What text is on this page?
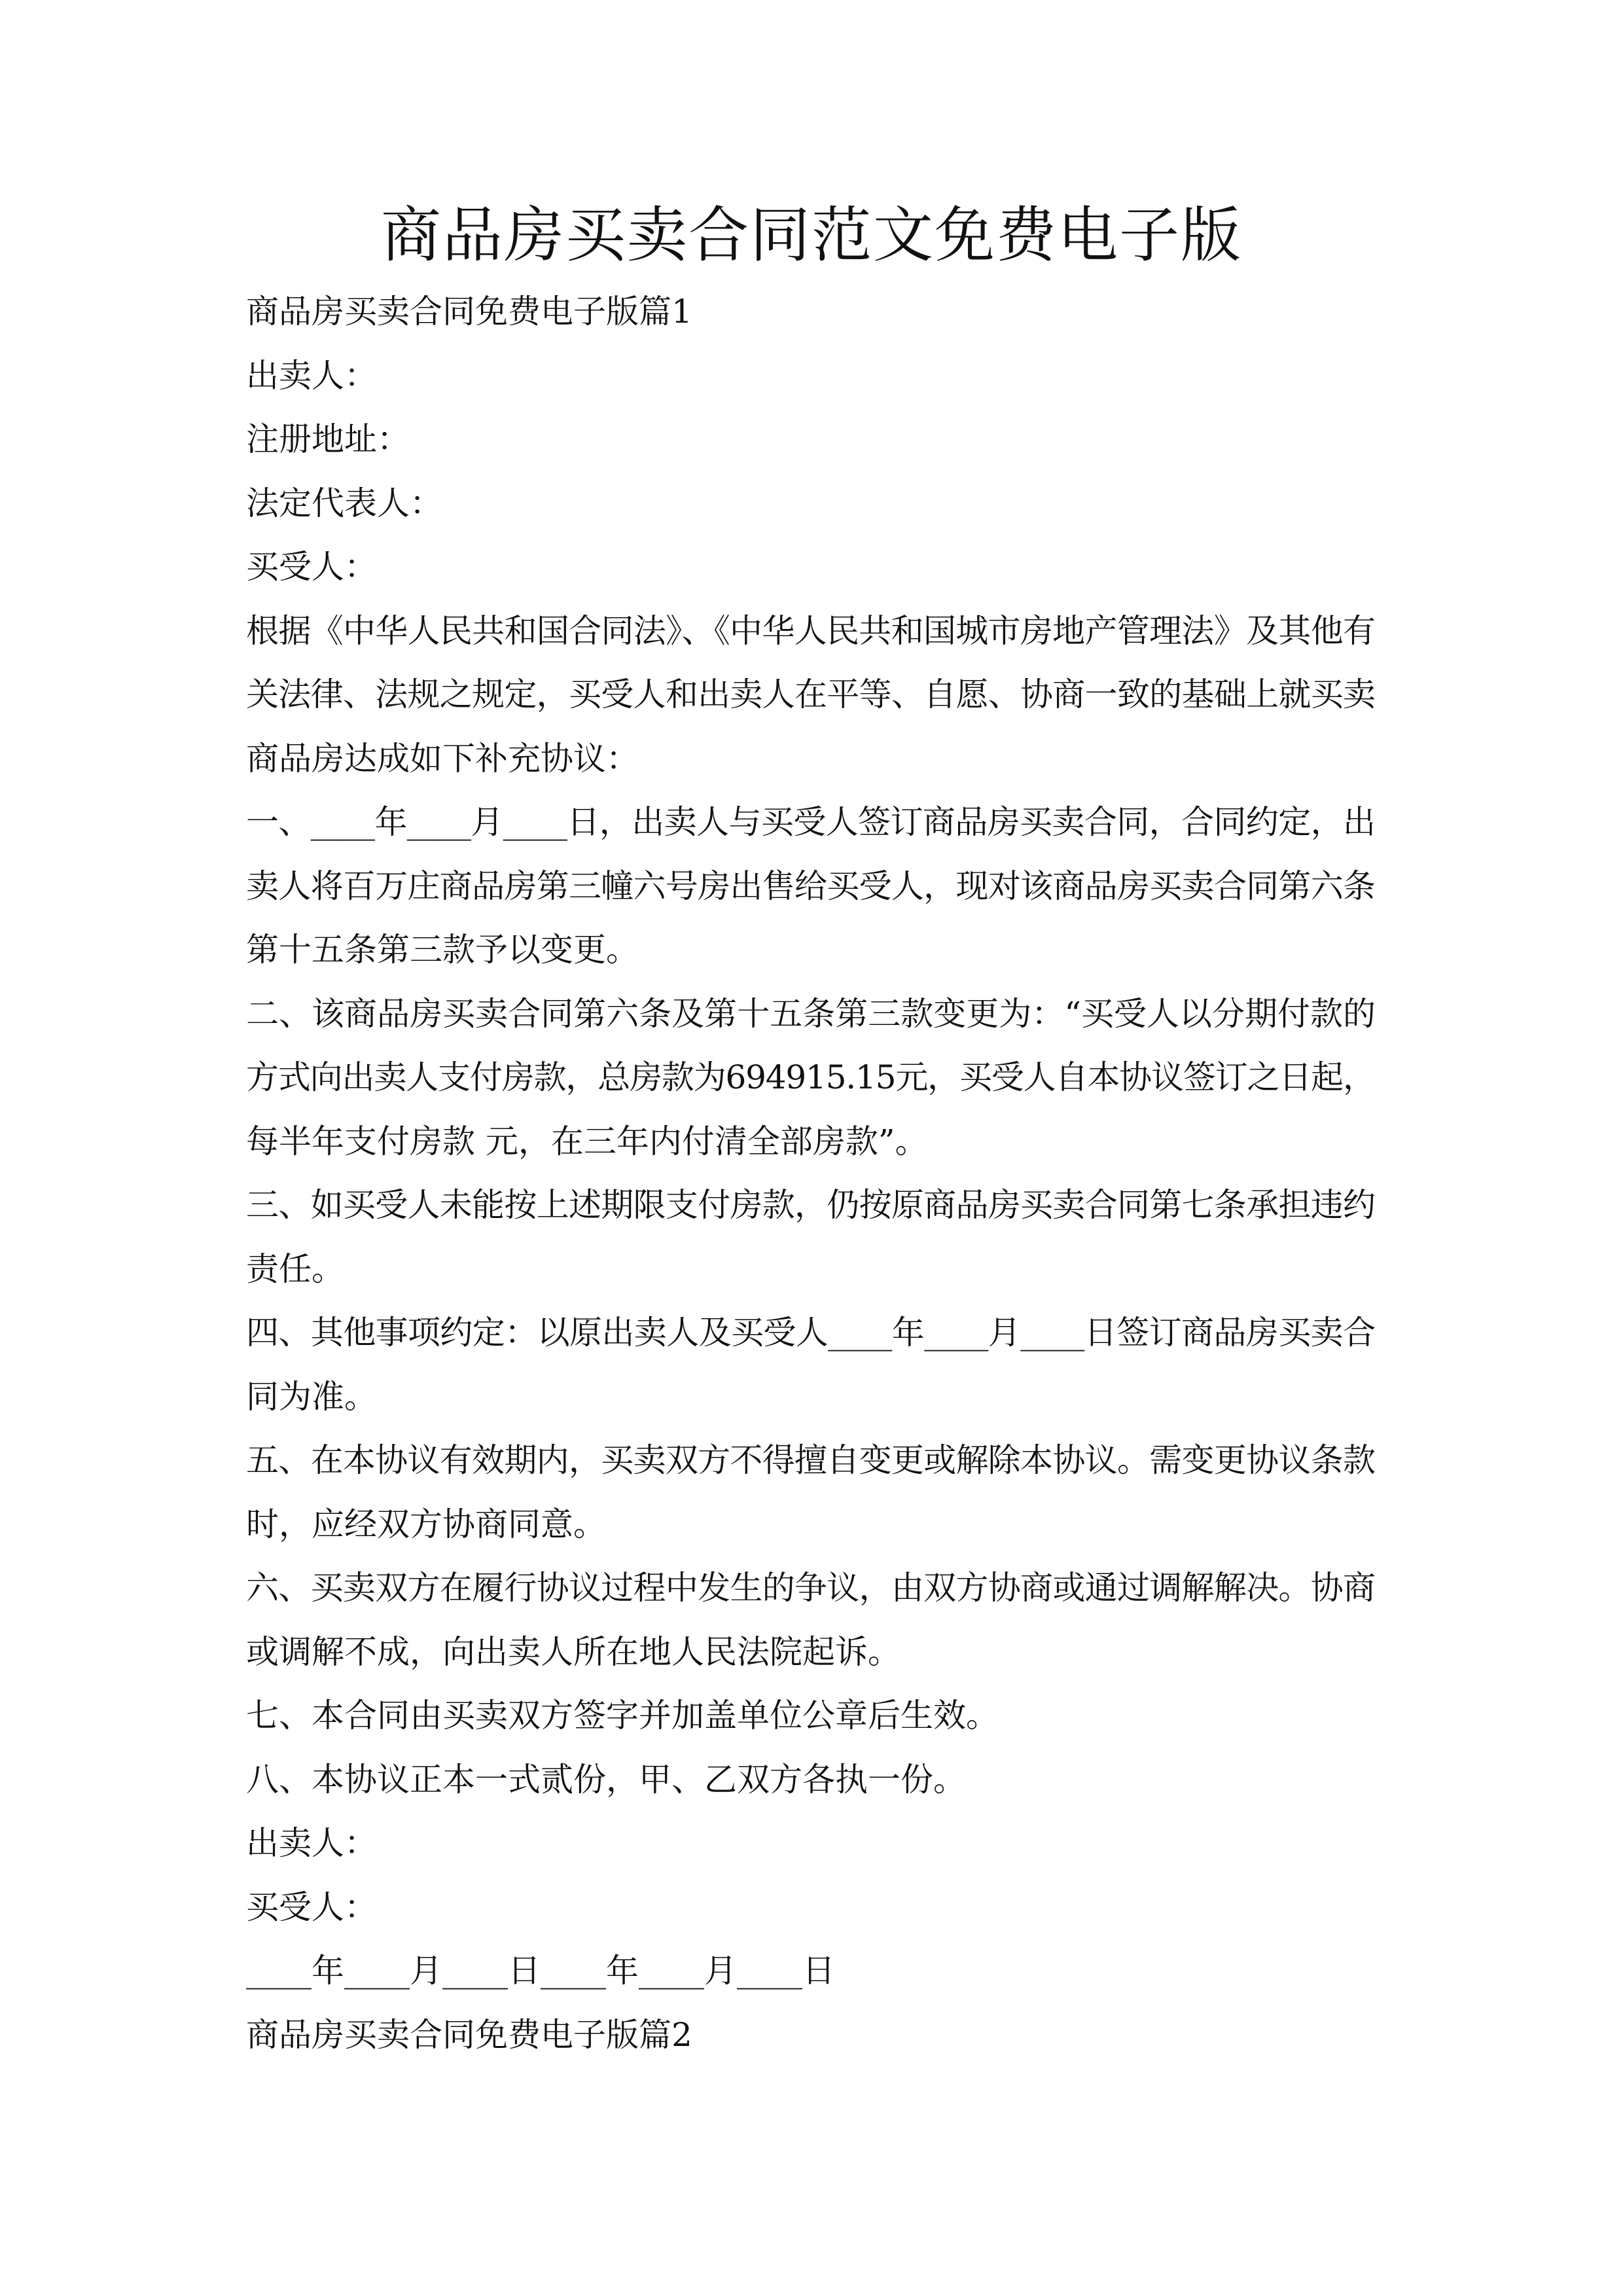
商品房买卖合同范文免费电子版
商品房买卖合同免费电子版篇1
出卖人：
注册地址：
法定代表人：
买受人：
根据《中华人民共和国合同法》、《中华人民共和国城市房地产管理法》及其他有
关法律、法规之规定，买受人和出卖人在平等、自愿、协商一致的基础上就买卖
商品房达成如下补充协议：
一、____年____月____日，出卖人与买受人签订商品房买卖合同，合同约定，出
卖人将百万庄商品房第三幢六号房出售给买受人，现对该商品房买卖合同第六条
第十五条第三款予以变更。
二、该商品房买卖合同第六条及第十五条第三款变更为：“买受人以分期付款的
方式向出卖人支付房款，总房款为694915.15元，买受人自本协议签订之日起，
每半年支付房款 元，在三年内付清全部房款”。
三、如买受人未能按上述期限支付房款，仍按原商品房买卖合同第七条承担违约
责任。
四、其他事项约定：以原出卖人及买受人____年____月____日签订商品房买卖合
同为准。
五、在本协议有效期内，买卖双方不得擅自变更或解除本协议。需变更协议条款
时，应经双方协商同意。
六、买卖双方在履行协议过程中发生的争议，由双方协商或通过调解解决。协商
或调解不成，向出卖人所在地人民法院起诉。
七、本合同由买卖双方签字并加盖单位公章后生效。
八、本协议正本一式贰份，甲、乙双方各执一份。
出卖人：
买受人：
____年____月____日____年____月____日
商品房买卖合同免费电子版篇2
